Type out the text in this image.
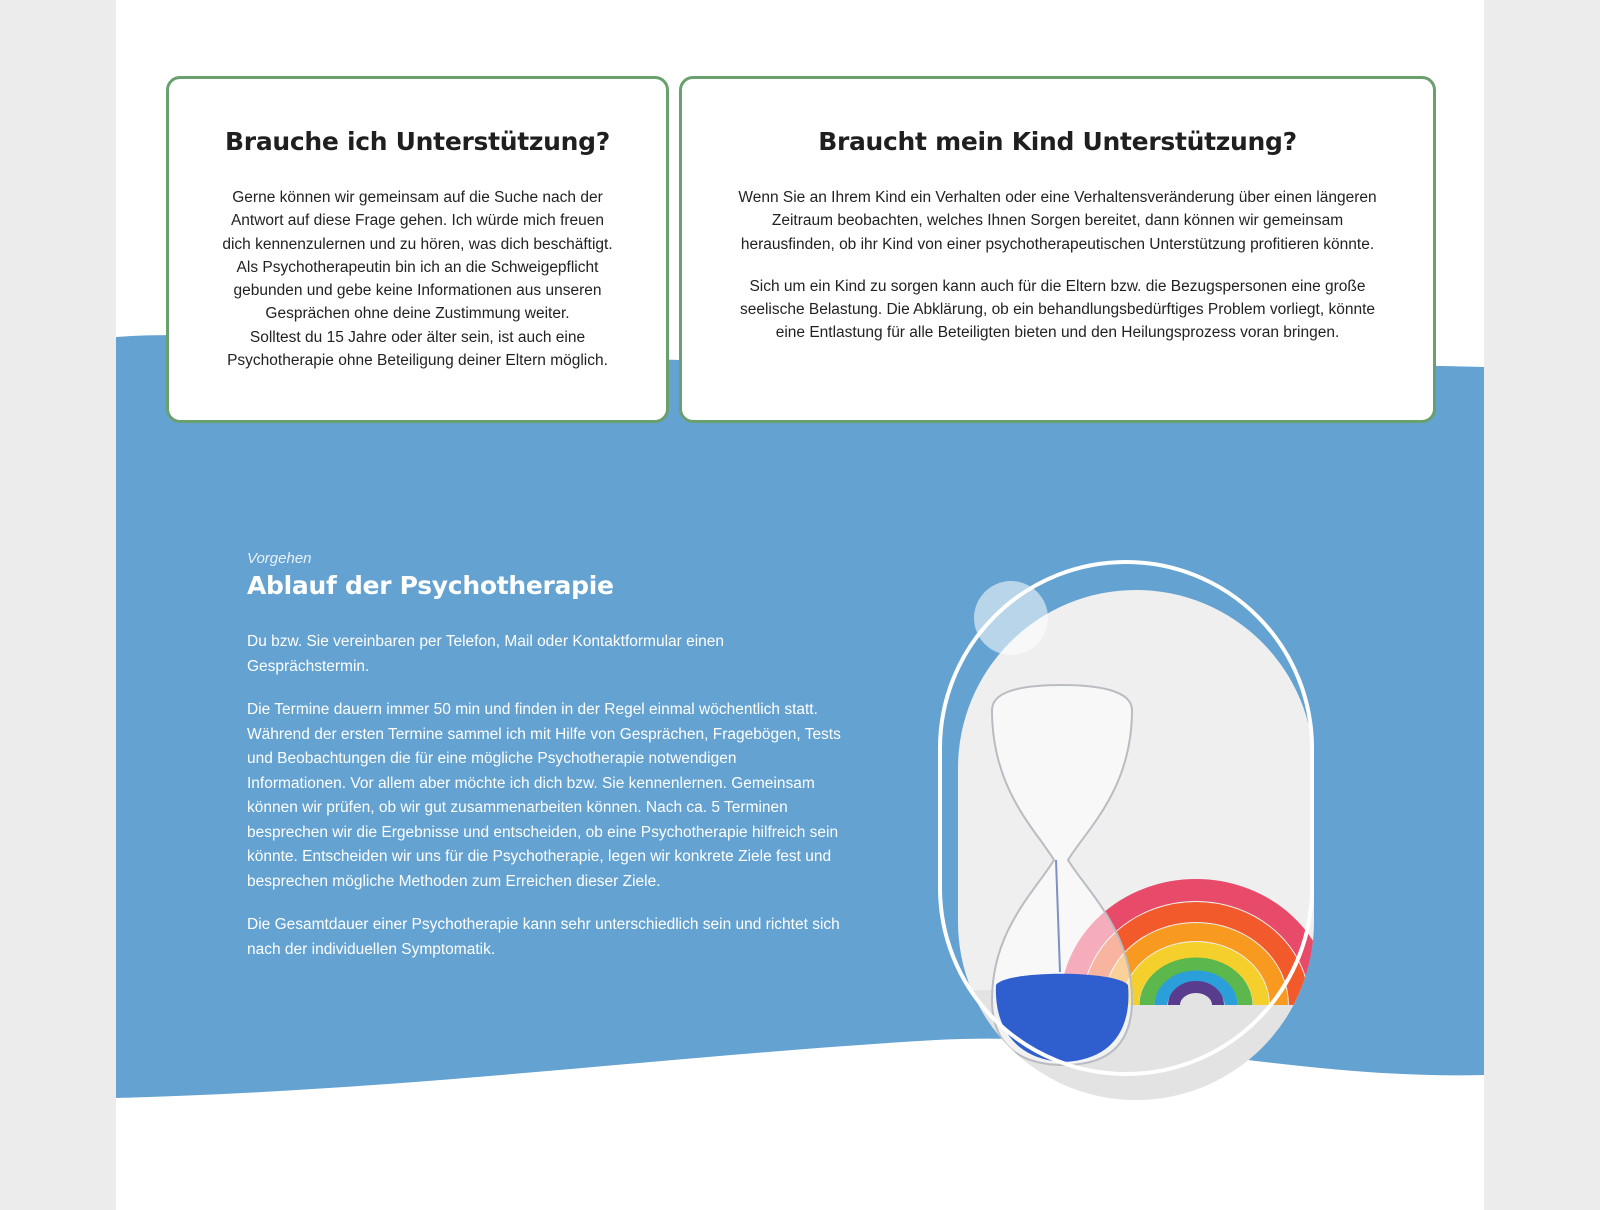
Brauche ich Unterstützung?

Gerne können wir gemeinsam auf die Suche nach der
Antwort auf diese Frage gehen. Ich würde mich freuen
dich kennenzulernen und zu hören, was dich beschäftigt.
Als Psychotherapeutin bin ich an die Schweigepflicht
gebunden und gebe keine Informationen aus unseren
Gesprächen ohne deine Zustimmung weiter.
Solltest du 15 Jahre oder älter sein, ist auch eine
Psychotherapie ohne Beteiligung deiner Eltern möglich.

Braucht mein Kind Unterstützung?

Wenn Sie an Ihrem Kind ein Verhalten oder eine Verhaltensveränderung über einen längeren
Zeitraum beobachten, welches Ihnen Sorgen bereitet, dann können wir gemeinsam
herausfinden, ob ihr Kind von einer psychotherapeutischen Unterstützung profitieren könnte.

Sich um ein Kind zu sorgen kann auch für die Eltern bzw. die Bezugspersonen eine große
seelische Belastung. Die Abklärung, ob ein behandlungsbedürftiges Problem vorliegt, könnte
eine Entlastung für alle Beteiligten bieten und den Heilungsprozess voran bringen.

Vorgehen
Ablauf der Psychotherapie

Du bzw. Sie vereinbaren per Telefon, Mail oder Kontaktformular einen
Gesprächstermin.

Die Termine dauern immer 50 min und finden in der Regel einmal wöchentlich statt.
Während der ersten Termine sammel ich mit Hilfe von Gesprächen, Fragebögen, Tests
und Beobachtungen die für eine mögliche Psychotherapie notwendigen
Informationen. Vor allem aber möchte ich dich bzw. Sie kennenlernen. Gemeinsam
können wir prüfen, ob wir gut zusammenarbeiten können. Nach ca. 5 Terminen
besprechen wir die Ergebnisse und entscheiden, ob eine Psychotherapie hilfreich sein
könnte. Entscheiden wir uns für die Psychotherapie, legen wir konkrete Ziele fest und
besprechen mögliche Methoden zum Erreichen dieser Ziele.

Die Gesamtdauer einer Psychotherapie kann sehr unterschiedlich sein und richtet sich
nach der individuellen Symptomatik.
